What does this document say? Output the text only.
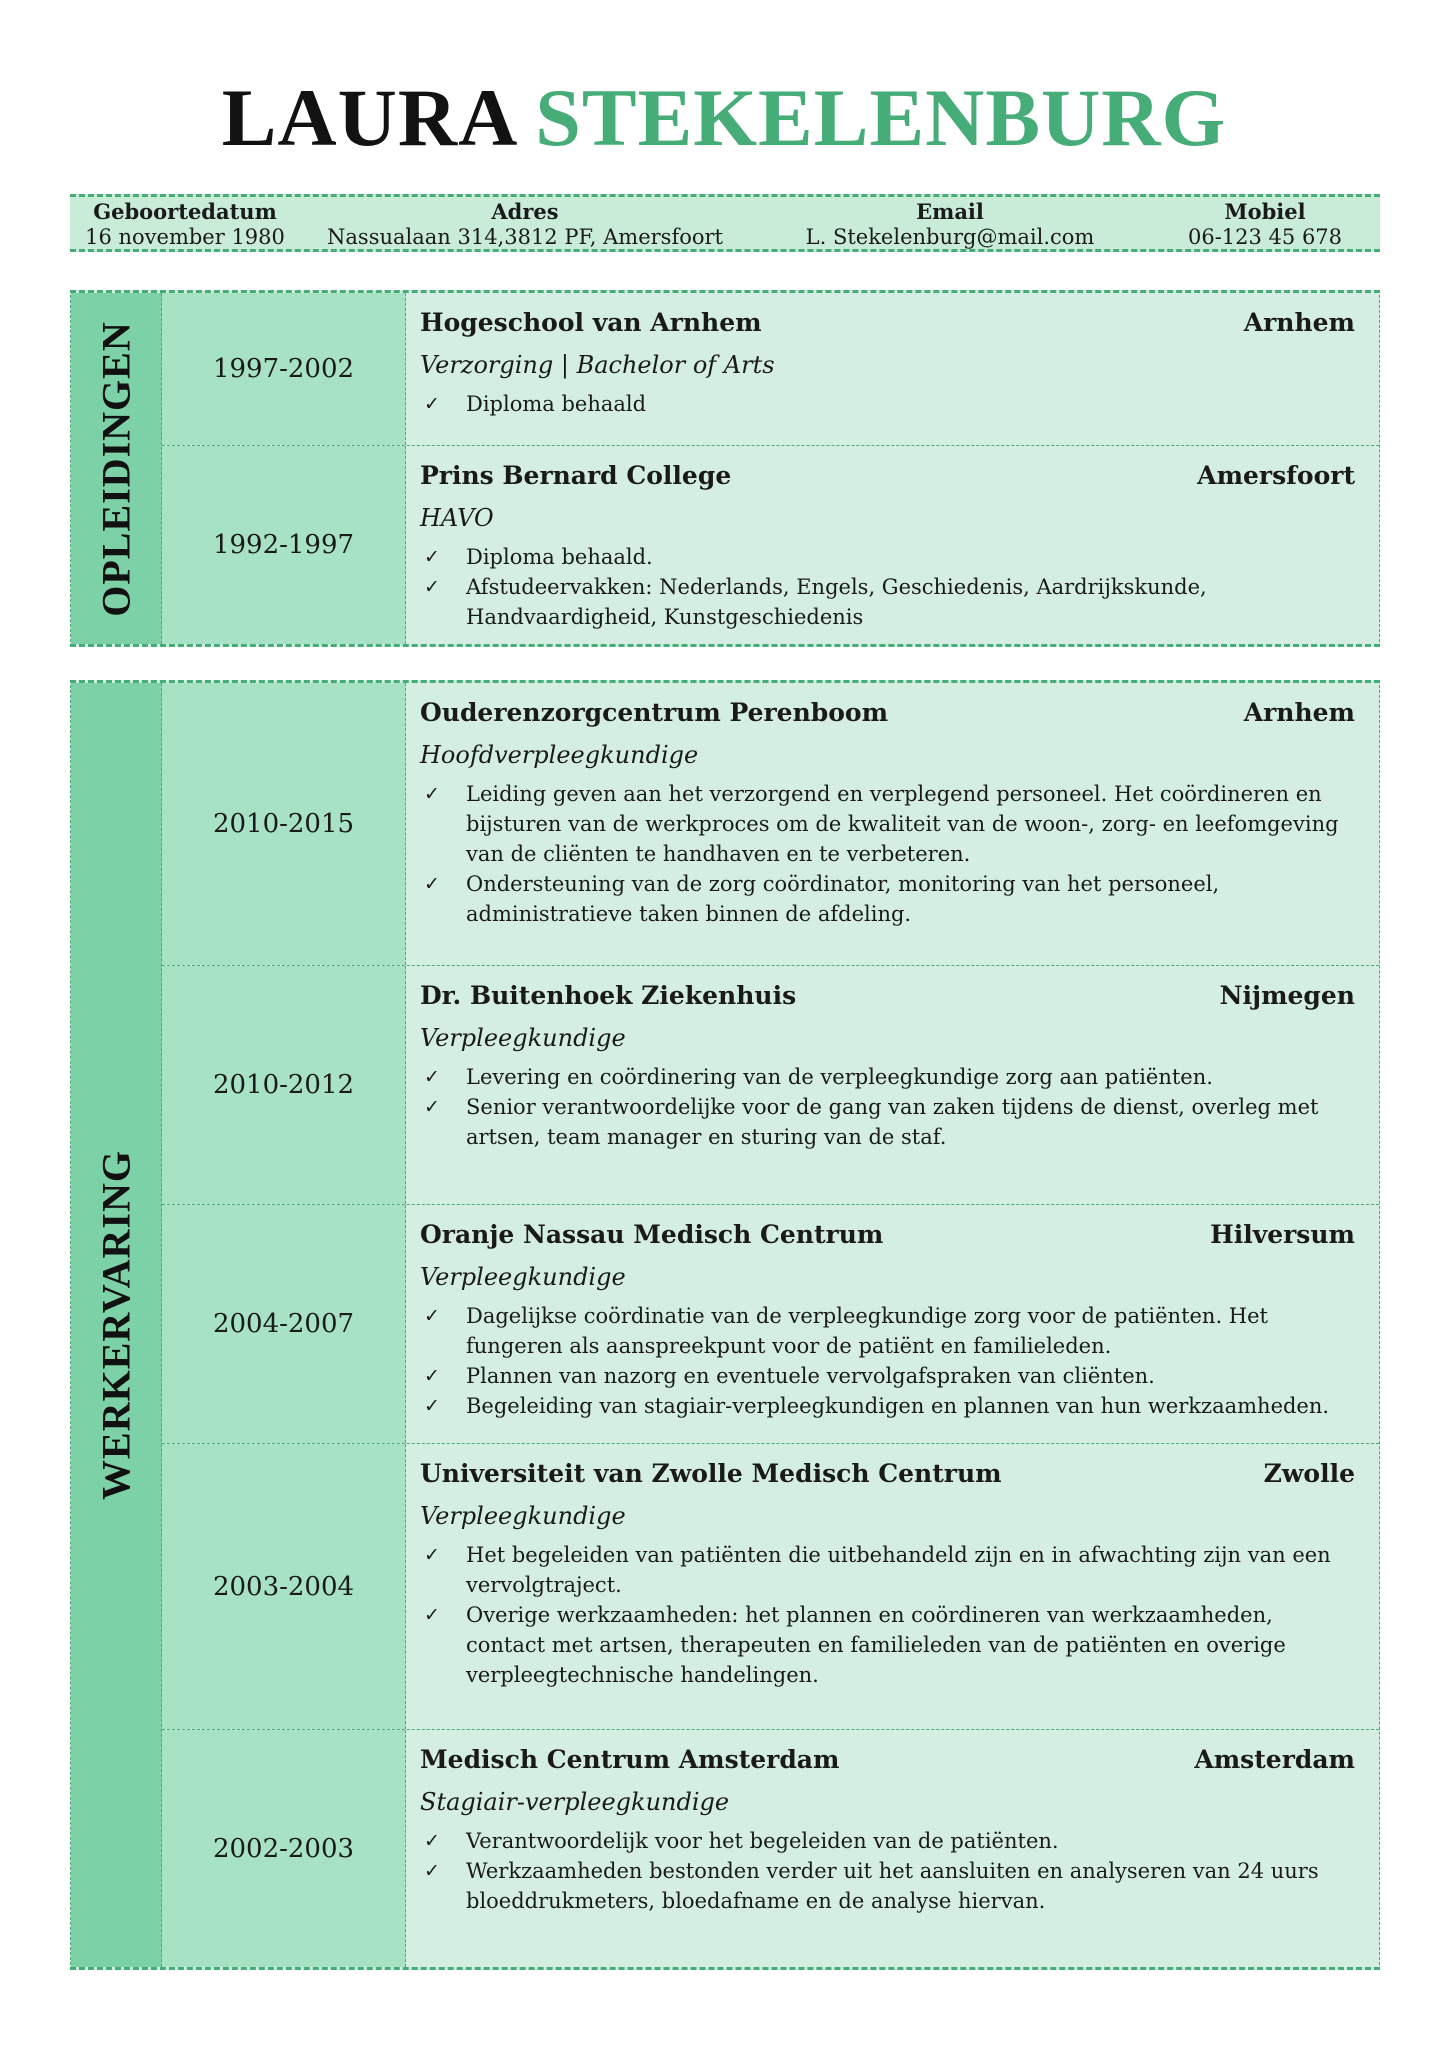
LAURA STEKELENBURG
Geboortedatum
16 november 1980
Adres
Nassualaan 314,3812 PF, Amersfoort
Email
L. Stekelenburg@mail.com
Mobiel
06-123 45 678
OPLEIDINGEN	1997-2002
Hogeschool van Arnhem	Arnhem
Verzorging | Bachelor of Arts
✓ Diploma behaald
1992-1997
Prins Bernard College	Amersfoort
HAVO
✓ Diploma behaald.
✓ Afstudeervakken: Nederlands, Engels, Geschiedenis, Aardrijkskunde, Handvaardigheid, Kunstgeschiedenis
WERKERVARING
2010-2015
Ouderenzorgcentrum Perenboom	Arnhem
Hoofdverpleegkundige
✓ Leiding geven aan het verzorgend en verplegend personeel. Het coördineren en bijsturen van de werkproces om de kwaliteit van de woon-, zorg- en leefomgeving van de cliënten te handhaven en te verbeteren.
✓ Ondersteuning van de zorg coördinator, monitoring van het personeel, administratieve taken binnen de afdeling.
2010-2012
Dr. Buitenhoek Ziekenhuis	Nijmegen
Verpleegkundige
✓ Levering en coördinering van de verpleegkundige zorg aan patiënten.
✓ Senior verantwoordelijke voor de gang van zaken tijdens de dienst, overleg met artsen, team manager en sturing van de staf.
2004-2007
Oranje Nassau Medisch Centrum	Hilversum
Verpleegkundige
✓ Dagelijkse coördinatie van de verpleegkundige zorg voor de patiënten. Het fungeren als aanspreekpunt voor de patiënt en familieleden.
✓ Plannen van nazorg en eventuele vervolgafspraken van cliënten.
✓ Begeleiding van stagiair-verpleegkundigen en plannen van hun werkzaamheden.
2003-2004
Universiteit van Zwolle Medisch Centrum	Zwolle
Verpleegkundige
✓ Het begeleiden van patiënten die uitbehandeld zijn en in afwachting zijn van een vervolgtraject.
✓ Overige werkzaamheden: het plannen en coördineren van werkzaamheden, contact met artsen, therapeuten en familieleden van de patiënten en overige verpleegtechnische handelingen.
2002-2003
Medisch Centrum Amsterdam	Amsterdam
Stagiair-verpleegkundige
✓ Verantwoordelijk voor het begeleiden van de patiënten.
✓ Werkzaamheden bestonden verder uit het aansluiten en analyseren van 24 uurs bloeddrukmeters, bloedafname en de analyse hiervan.
